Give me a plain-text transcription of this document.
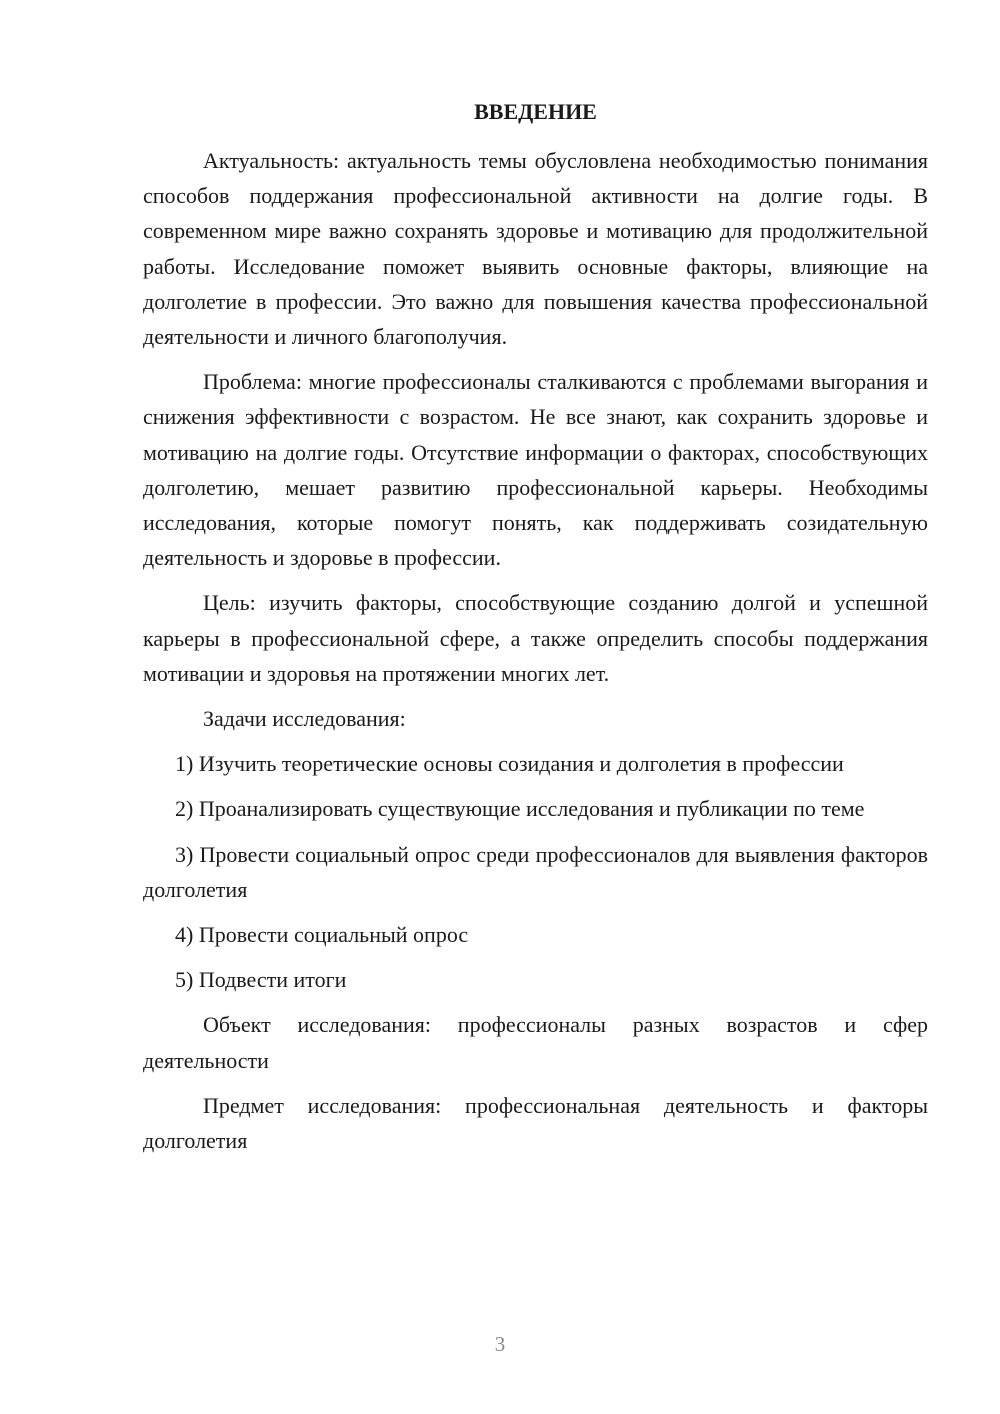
ВВЕДЕНИЕ

Актуальность: актуальность темы обусловлена необходимостью понимания способов поддержания профессиональной активности на долгие годы. В современном мире важно сохранять здоровье и мотивацию для продолжительной работы. Исследование поможет выявить основные факторы, влияющие на долголетие в профессии. Это важно для повышения качества профессиональной деятельности и личного благополучия.

Проблема: многие профессионалы сталкиваются с проблемами выгорания и снижения эффективности с возрастом. Не все знают, как сохранить здоровье и мотивацию на долгие годы. Отсутствие информации о факторах, способствующих долголетию, мешает развитию профессиональной карьеры. Необходимы исследования, которые помогут понять, как поддерживать созидательную деятельность и здоровье в профессии.

Цель: изучить факторы, способствующие созданию долгой и успешной карьеры в профессиональной сфере, а также определить способы поддержания мотивации и здоровья на протяжении многих лет.

Задачи исследования:

1) Изучить теоретические основы созидания и долголетия в профессии

2) Проанализировать существующие исследования и публикации по теме

3) Провести социальный опрос среди профессионалов для выявления факторов долголетия

4) Провести социальный опрос

5) Подвести итоги

Объект исследования: профессионалы разных возрастов и сфер деятельности

Предмет исследования: профессиональная деятельность и факторы долголетия

3
